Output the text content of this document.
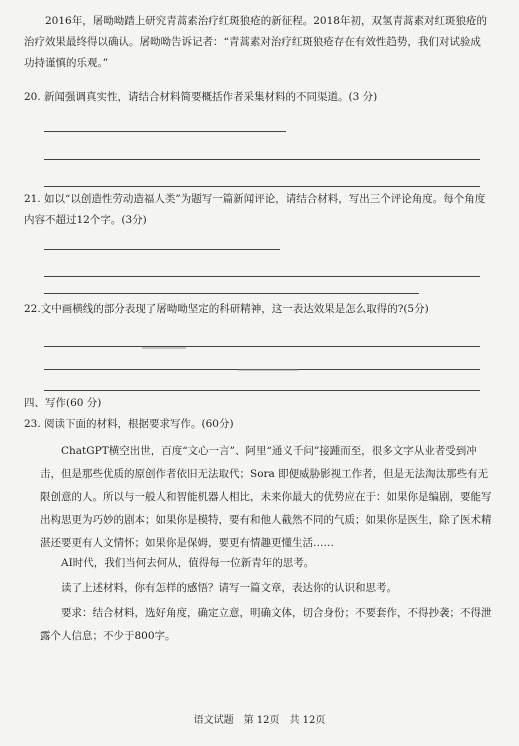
2016年，屠呦呦踏上研究青蒿素治疗红斑狼疮的新征程。2018年初，双氢青蒿素对红斑狼疮的治疗效果最终得以确认。屠呦呦告诉记者：“青蒿素对治疗红斑狼疮存在有效性趋势，我们对试验成功持谨慎的乐观。”

20. 新闻强调真实性，请结合材料简要概括作者采集材料的不同渠道。(3 分)

21. 如以“以创造性劳动造福人类”为题写一篇新闻评论，请结合材料，写出三个评论角度。每个角度内容不超过12个字。(3分)

22.文中画横线的部分表现了屠呦呦坚定的科研精神，这一表达效果是怎么取得的?(5分)

四、写作(60 分)

23. 阅读下面的材料，根据要求写作。(60分)

ChatGPT横空出世，百度“文心一言”、阿里“通义千问”接踵而至，很多文字从业者受到冲击，但是那些优质的原创作者依旧无法取代；Sora 即便威胁影视工作者，但是无法淘汰那些有无限创意的人。所以与一般人和智能机器人相比，未来你最大的优势应在于：如果你是编剧，要能写出构思更为巧妙的剧本；如果你是模特，要有和他人截然不同的气质；如果你是医生，除了医术精湛还要更有人文情怀；如果你是保姆，要更有情趣更懂生活……

AI时代，我们当何去何从，值得每一位新青年的思考。

读了上述材料，你有怎样的感悟？请写一篇文章，表达你的认识和思考。

要求：结合材料，选好角度，确定立意，明确文体，切合身份；不要套作，不得抄袭；不得泄露个人信息；不少于800字。

语文试题　第 12页　共 12页
